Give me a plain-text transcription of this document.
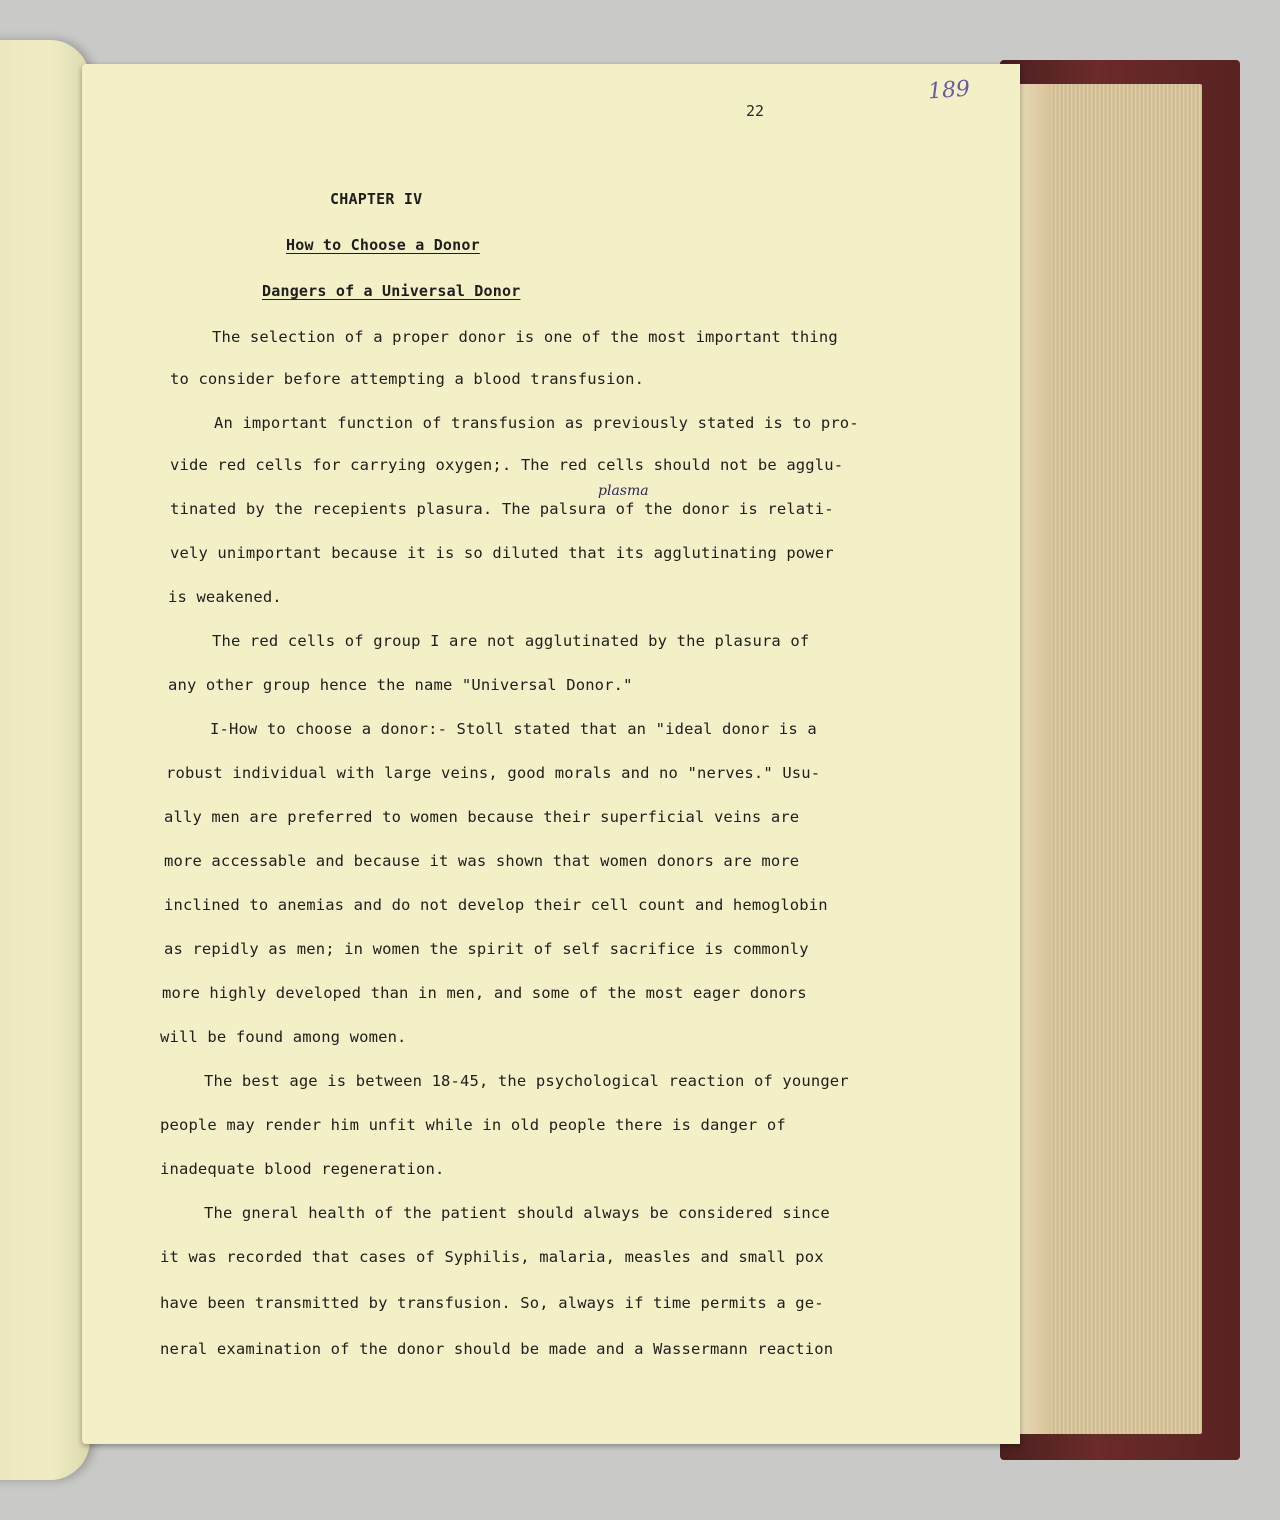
22
189
CHAPTER IV
How to Choose a Donor
Dangers of a Universal Donor
plasma
The selection of a proper donor is one of the most important thing
to consider before attempting a blood transfusion.
An important function of transfusion as previously stated is to pro-
vide red cells for carrying oxygen;. The red cells should not be agglu-
tinated by the recepients plasura. The palsura of the donor is relati-
vely unimportant because it is so diluted that its agglutinating power
is weakened.
The red cells of group I are not agglutinated by the plasura of
any other group hence the name "Universal Donor."
I-How to choose a donor:- Stoll stated that an "ideal donor is a
robust individual with large veins, good morals and no "nerves." Usu-
ally men are preferred to women because their superficial veins are
more accessable and because it was shown that women donors are more
inclined to anemias and do not develop their cell count and hemoglobin
as repidly as men; in women the spirit of self sacrifice is commonly
more highly developed than in men, and some of the most eager donors
will be found among women.
The best age is between 18-45, the psychological reaction of younger
people may render him unfit while in old people there is danger of
inadequate blood regeneration.
The gneral health of the patient should always be considered since
it was recorded that cases of Syphilis, malaria, measles and small pox
have been transmitted by transfusion. So, always if time permits a ge-
neral examination of the donor should be made and a Wassermann reaction
